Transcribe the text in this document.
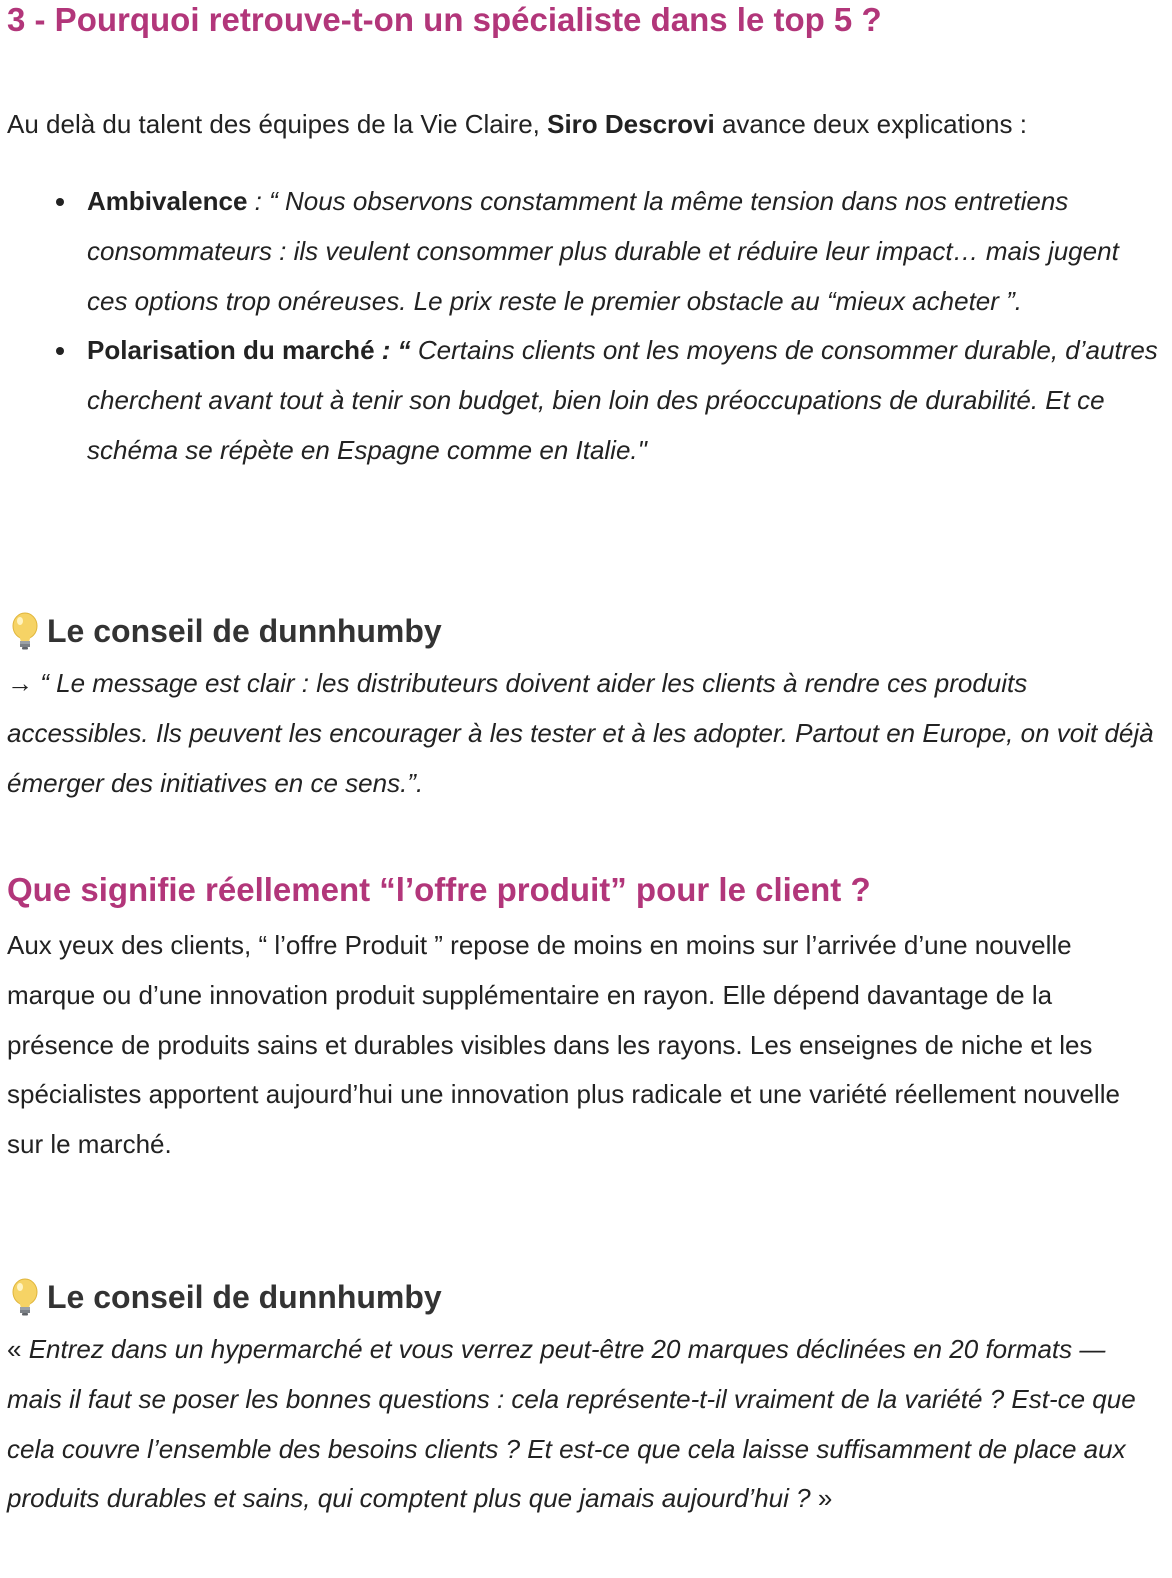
3 - Pourquoi retrouve-t-on un spécialiste dans le top 5 ?

Au delà du talent des équipes de la Vie Claire, Siro Descrovi avance deux explications :

Ambivalence : “ Nous observons constamment la même tension dans nos entretiens consommateurs : ils veulent consommer plus durable et réduire leur impact… mais jugent ces options trop onéreuses. Le prix reste le premier obstacle au “mieux acheter ”.
Polarisation du marché : “ Certains clients ont les moyens de consommer durable, d’autres cherchent avant tout à tenir son budget, bien loin des préoccupations de durabilité. Et ce schéma se répète en Espagne comme en Italie."
Le conseil de dunnhumby

→ “ Le message est clair : les distributeurs doivent aider les clients à rendre ces produits accessibles. Ils peuvent les encourager à les tester et à les adopter. Partout en Europe, on voit déjà émerger des initiatives en ce sens.”.

Que signifie réellement “l’offre produit” pour le client ?

Aux yeux des clients, “ l’offre Produit ” repose de moins en moins sur l’arrivée d’une nouvelle marque ou d’une innovation produit supplémentaire en rayon. Elle dépend davantage de la présence de produits sains et durables visibles dans les rayons. Les enseignes de niche et les spécialistes apportent aujourd’hui une innovation plus radicale et une variété réellement nouvelle sur le marché.

Le conseil de dunnhumby

« Entrez dans un hypermarché et vous verrez peut-être 20 marques déclinées en 20 formats — mais il faut se poser les bonnes questions : cela représente-t-il vraiment de la variété ? Est-ce que cela couvre l’ensemble des besoins clients ? Et est-ce que cela laisse suffisamment de place aux produits durables et sains, qui comptent plus que jamais aujourd’hui ? »
